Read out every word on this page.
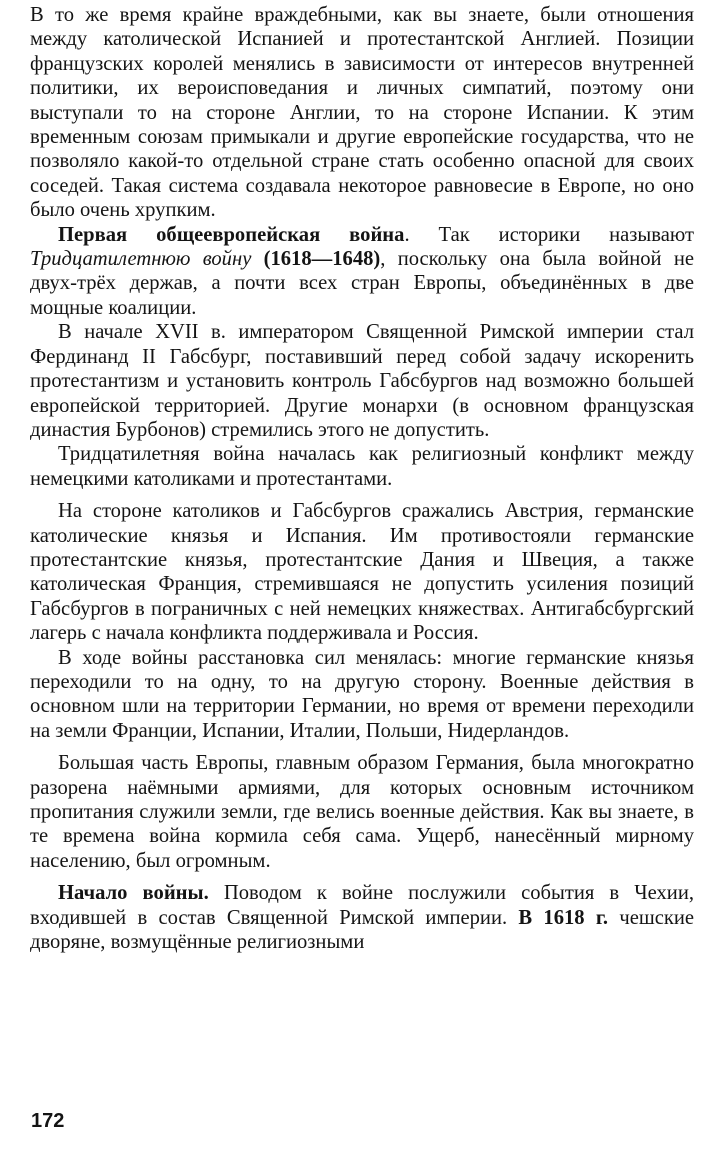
В то же время крайне враждебными, как вы знаете, были отношения между католической Испанией и протестантской Англией. Позиции французских королей менялись в зависимости от интересов внутренней политики, их вероисповедания и личных симпатий, поэтому они выступали то на стороне Англии, то на стороне Испании. К этим временным союзам примыкали и другие европейские государства, что не позволяло какой-то отдельной стране стать особенно опасной для своих соседей. Такая система создавала некоторое равновесие в Европе, но оно было очень хрупким.

Первая общеевропейская война. Так историки называют Тридцатилетнюю войну (1618—1648), поскольку она была войной не двух-трёх держав, а почти всех стран Европы, объединённых в две мощные коалиции.

В начале XVII в. императором Священной Римской империи стал Фердинанд II Габсбург, поставивший перед собой задачу искоренить протестантизм и установить контроль Габсбургов над возможно большей европейской территорией. Другие монархи (в основном французская династия Бурбонов) стремились этого не допустить.

Тридцатилетняя война началась как религиозный конфликт между немецкими католиками и протестантами.

На стороне католиков и Габсбургов сражались Австрия, германские католические князья и Испания. Им противостояли германские протестантские князья, протестантские Дания и Швеция, а также католическая Франция, стремившаяся не допустить усиления позиций Габсбургов в пограничных с ней немецких княжествах. Антигабсбургский лагерь с начала конфликта поддерживала и Россия.

В ходе войны расстановка сил менялась: многие германские князья переходили то на одну, то на другую сторону. Военные действия в основном шли на территории Германии, но время от времени переходили на земли Франции, Испании, Италии, Польши, Нидерландов.

Большая часть Европы, главным образом Германия, была многократно разорена наёмными армиями, для которых основным источником пропитания служили земли, где велись военные действия. Как вы знаете, в те времена война кормила себя сама. Ущерб, нанесённый мирному населению, был огромным.

Начало войны. Поводом к войне послужили события в Чехии, входившей в состав Священной Римской империи. В 1618 г. чешские дворяне, возмущённые религиозными

172
